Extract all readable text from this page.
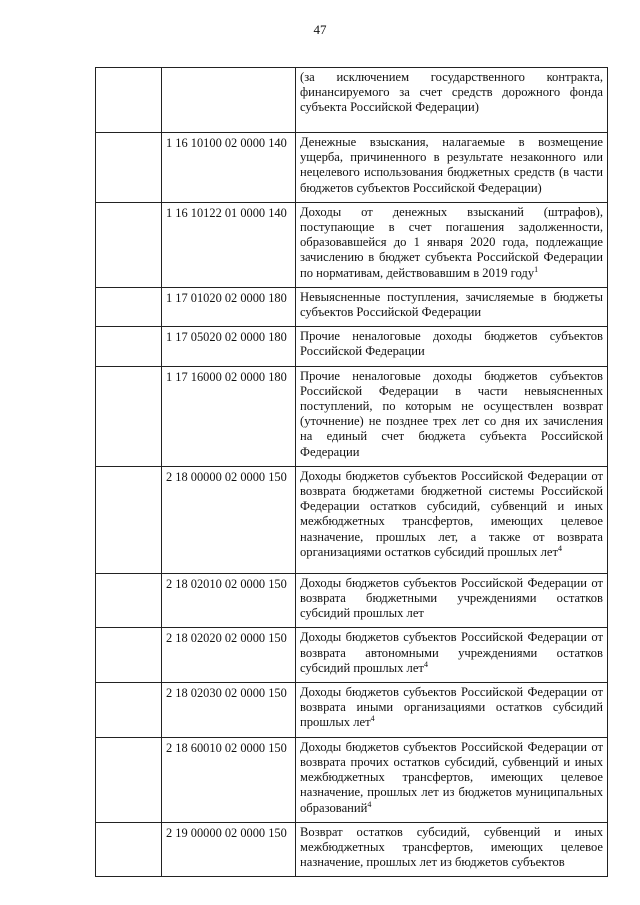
47
		(за исключением государственного контракта, финансируемого за счет средств дорожного фонда субъекта Российской Федерации)
	1 16 10100 02 0000 140	Денежные взыскания, налагаемые в возмещение ущерба, причиненного в результате незаконного или нецелевого использования бюджетных средств (в части бюджетов субъектов Российской Федерации)
	1 16 10122 01 0000 140	Доходы от денежных взысканий (штрафов), поступающие в счет погашения задолженности, образовавшейся до 1 января 2020 года, подлежащие зачислению в бюджет субъекта Российской Федерации по нормативам, действовавшим в 2019 году$^1$
	1 17 01020 02 0000 180	Невыясненные поступления, зачисляемые в бюджеты субъектов Российской Федерации
	1 17 05020 02 0000 180	Прочие неналоговые доходы бюджетов субъектов Российской Федерации
	1 17 16000 02 0000 180	Прочие неналоговые доходы бюджетов субъектов Российской Федерации в части невыясненных поступлений, по которым не осуществлен возврат (уточнение) не позднее трех лет со дня их зачисления на единый счет бюджета субъекта Российской Федерации
	2 18 00000 02 0000 150	Доходы бюджетов субъектов Российской Федерации от возврата бюджетами бюджетной системы Российской Федерации остатков субсидий, субвенций и иных межбюджетных трансфертов, имеющих целевое назначение, прошлых лет, а также от возврата организациями остатков субсидий прошлых лет$^4$
	2 18 02010 02 0000 150	Доходы бюджетов субъектов Российской Федерации от возврата бюджетными учреждениями остатков субсидий прошлых лет
	2 18 02020 02 0000 150	Доходы бюджетов субъектов Российской Федерации от возврата автономными учреждениями остатков субсидий прошлых лет$^4$
	2 18 02030 02 0000 150	Доходы бюджетов субъектов Российской Федерации от возврата иными организациями остатков субсидий прошлых лет$^4$
	2 18 60010 02 0000 150	Доходы бюджетов субъектов Российской Федерации от возврата прочих остатков субсидий, субвенций и иных межбюджетных трансфертов, имеющих целевое назначение, прошлых лет из бюджетов муниципальных образований$^4$
	2 19 00000 02 0000 150	Возврат остатков субсидий, субвенций и иных межбюджетных трансфертов, имеющих целевое назначение, прошлых лет из бюджетов субъектов
